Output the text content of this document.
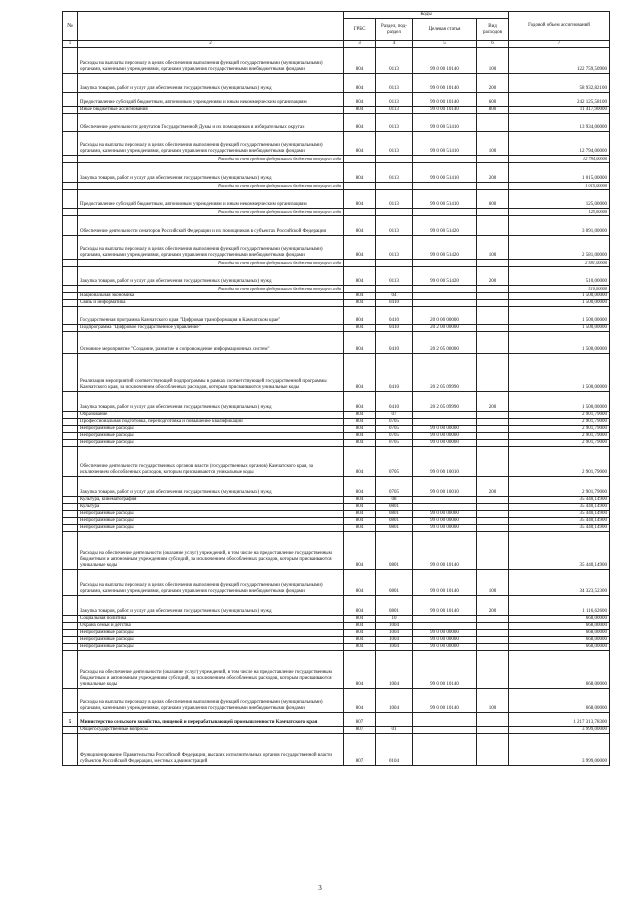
№		Коды				Годовой объем ассигнований
		ГРБС	Раздел, под-раздел	Целевая статья	Вид расходов	
1	2	3	4	5	6	7
	Расходы на выплаты персоналу в целях обеспечения выполнения функций государственными (муниципальными) органами, казенными учреждениями, органами управления государственными внебюджетными фондами	804	0113	99 0 00 10140	100	122 759,50900
	Закупка товаров, работ и услуг для обеспечения государственных (муниципальных) нужд	804	0113	99 0 00 10140	200	58 932,82100
	Предоставление субсидий бюджетным, автономным учреждениям и иным некоммерческим организациям	804	0113	99 0 00 10140	600	242 125,58100
	Иные бюджетные ассигнования	804	0113	99 0 00 10140	800	11 417,90000
	Обеспечение деятельности депутатов Государственной Думы и их помощников в избирательных округах	804	0113	99 0 00 51410		13 934,00000
	Расходы на выплаты персоналу в целях обеспечения выполнения функций государственными (муниципальными) органами, казенными учреждениями, органами управления государственными внебюджетными фондами	804	0113	99 0 00 51410	100	12 794,00000
	Расходы за счет средств федерального бюджета текущего года					12 794,00000
	Закупка товаров, работ и услуг для обеспечения государственных (муниципальных) нужд	804	0113	99 0 00 51410	200	1 015,00000
	Расходы за счет средств федерального бюджета текущего года					1 015,00000
	Предоставление субсидий бюджетным, автономным учреждениям и иным некоммерческим организациям	804	0113	99 0 00 51410	600	125,00000
	Расходы за счет средств федерального бюджета текущего года					125,00000
	Обеспечение деятельности сенаторов Российской Федерации и их помощников в субъектах Российской Федерации	804	0113	99 0 00 51420		3 091,00000
	Расходы на выплаты персоналу в целях обеспечения выполнения функций государственными (муниципальными) органами, казенными учреждениями, органами управления государственными внебюджетными фондами	804	0113	99 0 00 51420	100	2 581,00000
	Расходы за счет средств федерального бюджета текущего года					2 581,00000
	Закупка товаров, работ и услуг для обеспечения государственных (муниципальных) нужд	804	0113	99 0 00 51420	200	510,00000
	Расходы за счет средств федерального бюджета текущего года					510,00000
	Национальная экономика	804	04			1 500,00000
	Связь и информатика	804	0410			1 500,00000
	Государственная программа Камчатского края "Цифровая трансформация в Камчатском крае"	804	0410	20 0 00 00000		1 500,00000
	Подпрограмма "Цифровое государственное управление"	804	0410	20 2 00 00000		1 500,00000
	Основное мероприятие "Создание, развитие и сопровождение информационных систем"	804	0410	20 2 05 00000		1 500,00000
	Реализация мероприятий соответствующей подпрограммы в рамках соответствующей государственной программы Камчатского края, за исключением обособленных расходов, которым присваиваются уникальные коды	804	0410	20 2 05 09990		1 500,00000
	Закупка товаров, работ и услуг для обеспечения государственных (муниципальных) нужд	804	0410	20 2 05 09990	200	1 500,00000
	Образование	804	07			2 901,79000
	Профессиональная подготовка, переподготовка и повышение квалификации	804	0705			2 901,79000
	Непрограммные расходы	804	0705	99 0 00 00000		2 901,79000
	Непрограммные расходы	804	0705	99 0 00 00000		2 901,79000
	Непрограммные расходы	804	0705	99 0 00 00000		2 901,79000
	Обеспечение деятельности государственных органов власти (государственных органов) Камчатского края, за исключением обособленных расходов, которым присваиваются уникальные коды	804	0705	99 0 00 10010		2 901,79000
	Закупка товаров, работ и услуг для обеспечения государственных (муниципальных) нужд	804	0705	99 0 00 10010	200	2 901,79000
	Культура, кинематография	804	08			35 440,14900
	Культура	804	0801			35 440,14900
	Непрограммные расходы	804	0801	99 0 00 00000		35 440,14900
	Непрограммные расходы	804	0801	99 0 00 00000		35 440,14900
	Непрограммные расходы	804	0801	99 0 00 00000		35 440,14900
	Расходы на обеспечение деятельности (оказание услуг) учреждений, в том числе на предоставление государственным бюджетным и автономным учреждениям субсидий, за исключением обособленных расходов, которым присваиваются уникальные коды	804	0801	99 0 00 10140		35 440,14900
	Расходы на выплаты персоналу в целях обеспечения выполнения функций государственными (муниципальными) органами, казенными учреждениями, органами управления государственными внебюджетными фондами	804	0801	99 0 00 10140	100	34 323,52300
	Закупка товаров, работ и услуг для обеспечения государственных (муниципальных) нужд	804	0801	99 0 00 10140	200	1 116,62600
	Социальная политика	804	10			668,00000
	Охрана семьи и детства	804	1004			668,00000
	Непрограммные расходы	804	1004	99 0 00 00000		668,00000
	Непрограммные расходы	804	1004	99 0 00 00000		668,00000
	Непрограммные расходы	804	1004	99 0 00 00000		668,00000
	Расходы на обеспечение деятельности (оказание услуг) учреждений, в том числе на предоставление государственным бюджетным и автономным учреждениям субсидий, за исключением обособленных расходов, которым присваиваются уникальные коды	804	1004	99 0 00 10140		668,00000
	Расходы на выплаты персоналу в целях обеспечения выполнения функций государственными (муниципальными) органами, казенными учреждениями, органами управления государственными внебюджетными фондами	804	1004	99 0 00 10140	100	668,00000
5	Министерство сельского хозяйства, пищевой и перерабатывающей промышленности Камчатского края	807				1 217 313,78300
	Общегосударственные вопросы	807	01			3 999,00000
	Функционирование Правительства Российской Федерации, высших исполнительных органов государственной власти субъектов Российской Федерации, местных администраций	807	0104			3 999,00000
3
